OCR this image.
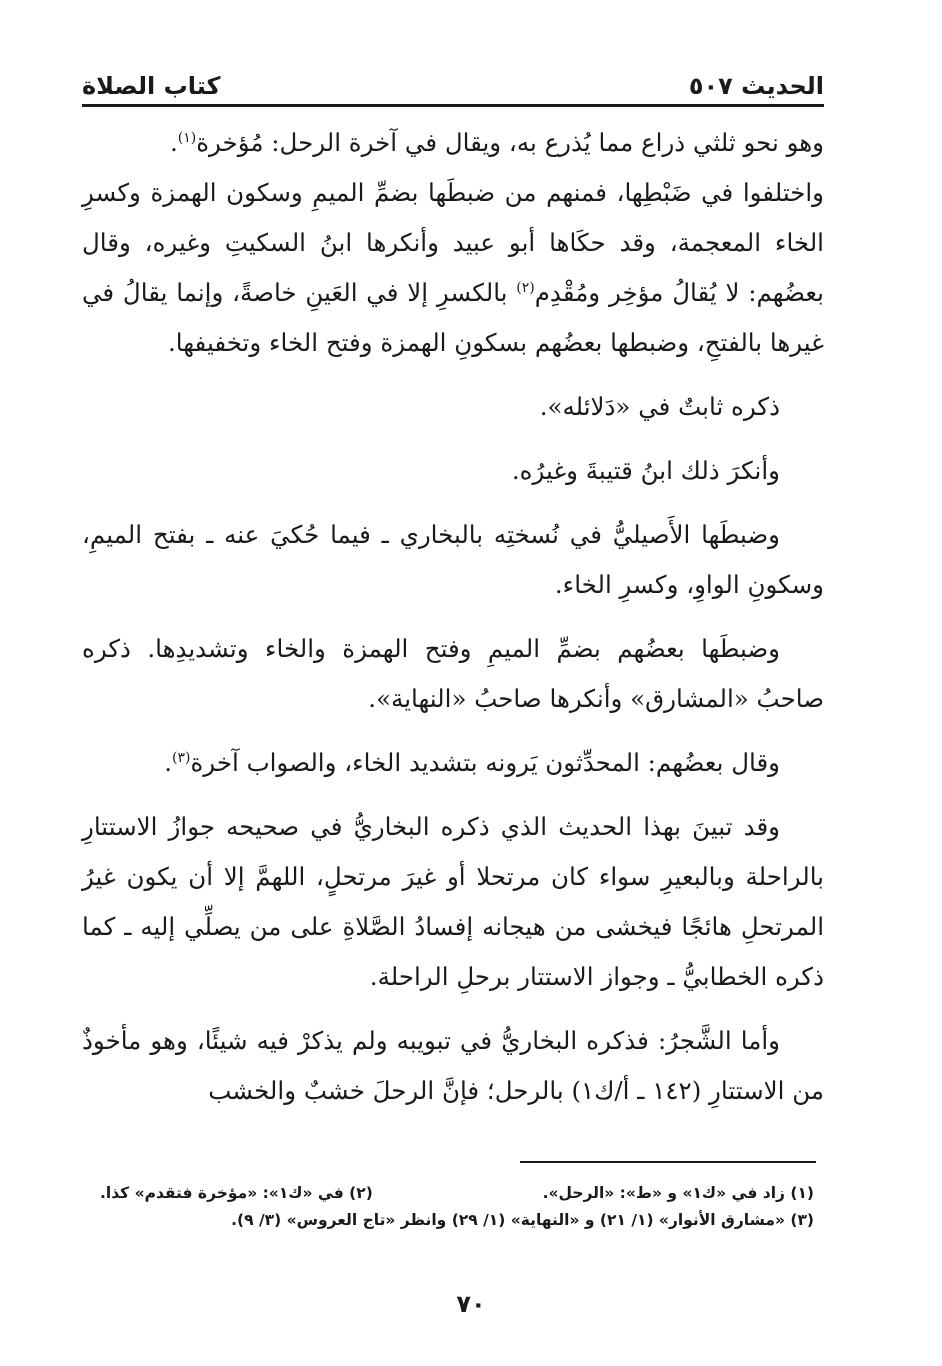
الحديث ٥٠٧
كتاب الصلاة

وهو نحو ثلثي ذراع مما يُذرع به، ويقال في آخرة الرحل: مُؤخرة$^{(١)}$.
واختلفوا في ضَبْطِها، فمنهم من ضبطَها بضمِّ الميمِ وسكون الهمزة وكسرِ الخاء المعجمة، وقد حكَاها أبو عبيد وأنكرها ابنُ السكيتِ وغيره، وقال بعضُهم: لا يُقالُ مؤخِر ومُقْدِم$^{(٢)}$ بالكسرِ إلا في العَينِ خاصةً، وإنما يقالُ في غيرها بالفتحِ، وضبطها بعضُهم بسكونِ الهمزة وفتح الخاء وتخفيفها.

ذكره ثابتٌ في «دَلائله».

وأنكرَ ذلك ابنُ قتيبةَ وغيرُه.

وضبطَها الأَصيليُّ في نُسختِه بالبخاري ـ فيما حُكيَ عنه ـ بفتح الميمِ، وسكونِ الواوِ، وكسرِ الخاء.

وضبطَها بعضُهم بضمِّ الميمِ وفتح الهمزة والخاء وتشديدِها. ذكره صاحبُ «المشارق» وأنكرها صاحبُ «النهاية».

وقال بعضُهم: المحدِّثون يَرونه بتشديد الخاء، والصواب آخرة$^{(٣)}$.

وقد تبينَ بهذا الحديث الذي ذكره البخاريُّ في صحيحه جوازُ الاستتارِ بالراحلة وبالبعيرِ سواء كان مرتحلا أو غيرَ مرتحلٍ، اللهمَّ إلا أن يكون غيرُ المرتحلِ هائجًا فيخشى من هيجانه إفسادُ الصَّلاةِ على من يصلِّي إليه ـ كما ذكره الخطابيُّ ـ وجواز الاستتار برحلِ الراحلة.

وأما الشَّجرُ: فذكره البخاريُّ في تبويبه ولم يذكرْ فيه شيئًا، وهو مأخوذٌ من الاستتارِ (١٤٢ ـ أ/ك١) بالرحل؛ فإنَّ الرحلَ خشبٌ والخشب

(١) زاد في «ك١» و «ط»: «الرحل».
(٢) في «ك١»: «مؤخرة فتقدم» كذا.
(٣) «مشارق الأنوار» (١/ ٢١) و «النهاية» (١/ ٢٩) وانظر «تاج العروس» (٣/ ٩).
٧٠
